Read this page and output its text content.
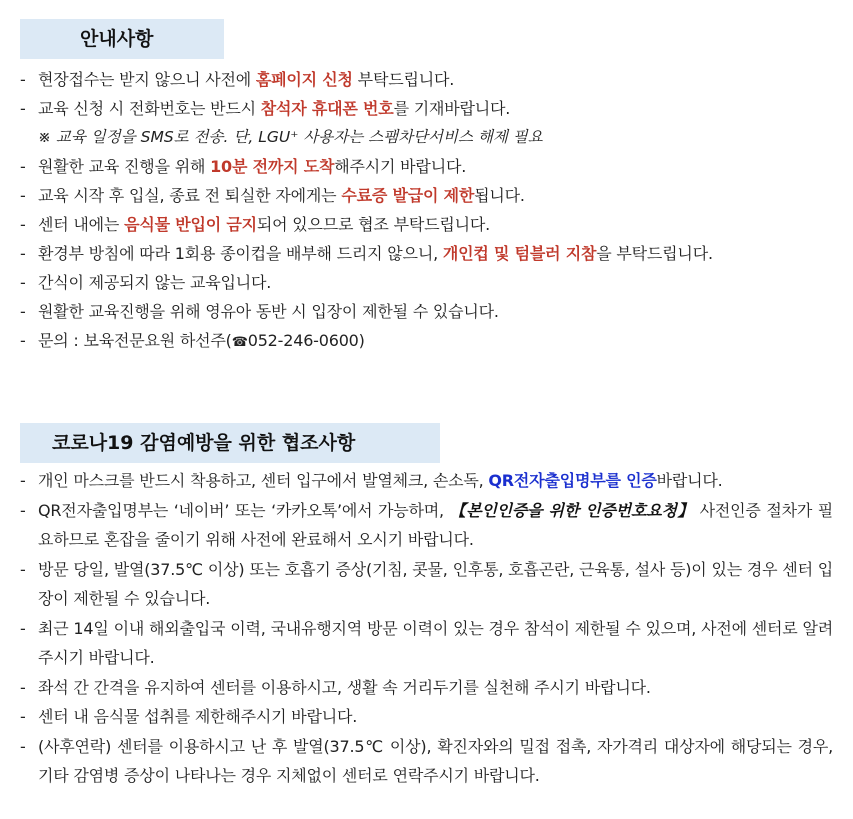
안내사항
- 현장접수는 받지 않으니 사전에 홈페이지 신청 부탁드립니다.
- 교육 신청 시 전화번호는 반드시 참석자 휴대폰 번호를 기재바랍니다.
※ 교육 일정을 SMS로 전송. 단, LGU⁺ 사용자는 스팸차단서비스 해제 필요
- 원활한 교육 진행을 위해 10분 전까지 도착해주시기 바랍니다.
- 교육 시작 후 입실, 종료 전 퇴실한 자에게는 수료증 발급이 제한됩니다.
- 센터 내에는 음식물 반입이 금지되어 있으므로 협조 부탁드립니다.
- 환경부 방침에 따라 1회용 종이컵을 배부해 드리지 않으니, 개인컵 및 텀블러 지참을 부탁드립니다.
- 간식이 제공되지 않는 교육입니다.
- 원활한 교육진행을 위해 영유아 동반 시 입장이 제한될 수 있습니다.
- 문의 : 보육전문요원 하선주(☎052-246-0600)
코로나19 감염예방을 위한 협조사항
- 개인 마스크를 반드시 착용하고, 센터 입구에서 발열체크, 손소독, QR전자출입명부를 인증바랍니다.
- QR전자출입명부는 ‘네이버’ 또는 ‘카카오톡’에서 가능하며, 【본인인증을 위한 인증번호요청】 사전인증 절차가 필요하므로 혼잡을 줄이기 위해 사전에 완료해서 오시기 바랍니다.
- 방문 당일, 발열(37.5℃ 이상) 또는 호흡기 증상(기침, 콧물, 인후통, 호흡곤란, 근육통, 설사 등)이 있는 경우 센터 입장이 제한될 수 있습니다.
- 최근 14일 이내 해외출입국 이력, 국내유행지역 방문 이력이 있는 경우 참석이 제한될 수 있으며, 사전에 센터로 알려주시기 바랍니다.
- 좌석 간 간격을 유지하여 센터를 이용하시고, 생활 속 거리두기를 실천해 주시기 바랍니다.
- 센터 내 음식물 섭취를 제한해주시기 바랍니다.
- (사후연락) 센터를 이용하시고 난 후 발열(37.5℃ 이상), 확진자와의 밀접 접촉, 자가격리 대상자에 해당되는 경우, 기타 감염병 증상이 나타나는 경우 지체없이 센터로 연락주시기 바랍니다.
